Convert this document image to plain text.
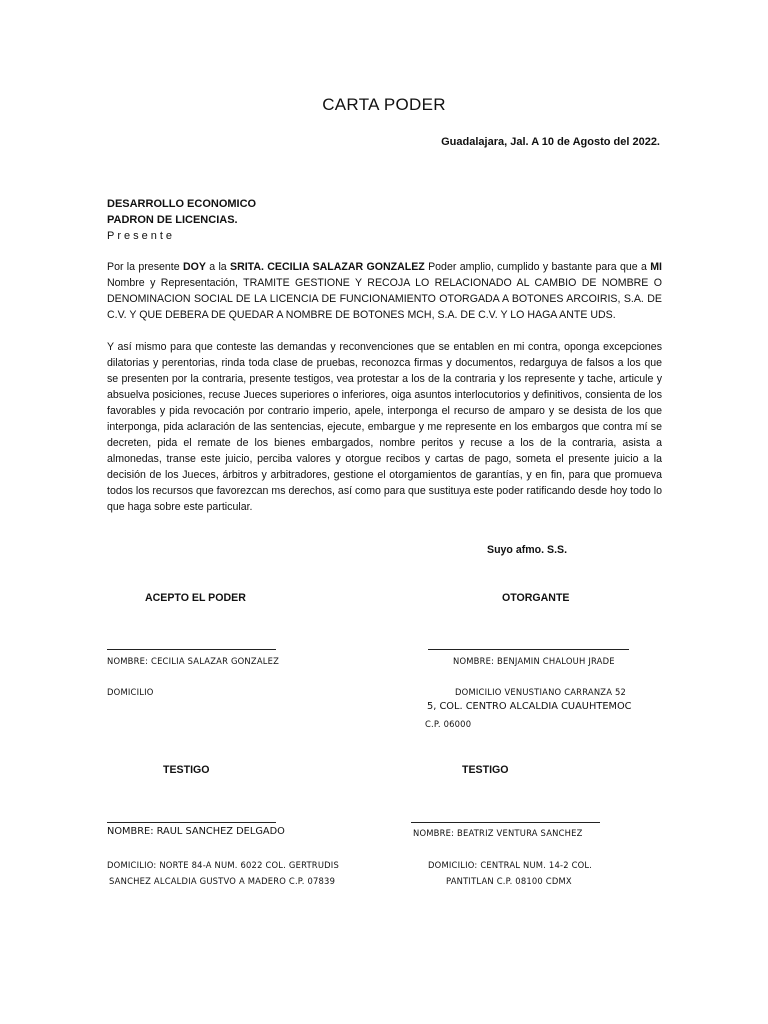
CARTA PODER
Guadalajara, Jal. A 10 de Agosto del 2022.
DESARROLLO ECONOMICO
PADRON DE LICENCIAS.
Presente
Por la presente DOY a la SRITA. CECILIA SALAZAR GONZALEZ Poder amplio, cumplido y bastante para que a MI Nombre y Representación, TRAMITE GESTIONE Y RECOJA LO RELACIONADO AL CAMBIO DE NOMBRE O DENOMINACION SOCIAL DE LA LICENCIA DE FUNCIONAMIENTO OTORGADA A BOTONES ARCOIRIS, S.A. DE C.V. Y QUE DEBERA DE QUEDAR A NOMBRE DE BOTONES MCH, S.A. DE C.V. Y LO HAGA ANTE UDS.
Y así mismo para que conteste las demandas y reconvenciones que se entablen en mi contra, oponga excepciones dilatorias y perentorias, rinda toda clase de pruebas, reconozca firmas y documentos, redarguya de falsos a los que se presenten por la contraria, presente testigos, vea protestar a los de la contraria y los represente y tache, articule y absuelva posiciones, recuse Jueces superiores o inferiores, oiga asuntos interlocutorios y definitivos, consienta de los favorables y pida revocación por contrario imperio, apele, interponga el recurso de amparo y se desista de los que interponga, pida aclaración de las sentencias, ejecute, embargue y me represente en los embargos que contra mí se decreten, pida el remate de los bienes embargados, nombre peritos y recuse a los de la contraria, asista a almonedas, transe este juicio, perciba valores y otorgue recibos y cartas de pago, someta el presente juicio a la decisión de los Jueces, árbitros y arbitradores, gestione el otorgamientos de garantías, y en fin, para que promueva todos los recursos que favorezcan ms derechos, así como para que sustituya este poder ratificando desde hoy todo lo que haga sobre este particular.
Suyo afmo. S.S.
ACEPTO EL PODER	OTORGANTE
NOMBRE: CECILIA SALAZAR GONZALEZ	NOMBRE: BENJAMIN CHALOUH JRADE
DOMICILIO	DOMICILIO VENUSTIANO CARRANZA 52
5, COL. CENTRO ALCALDIA CUAUHTEMOC
C.P. 06000
TESTIGO	TESTIGO
NOMBRE: RAUL SANCHEZ DELGADO	NOMBRE: BEATRIZ VENTURA SANCHEZ
DOMICILIO: NORTE 84-A NUM. 6022 COL. GERTRUDIS
SANCHEZ ALCALDIA GUSTVO A MADERO C.P. 07839
DOMICILIO: CENTRAL NUM. 14-2 COL.
PANTITLAN C.P. 08100 CDMX
